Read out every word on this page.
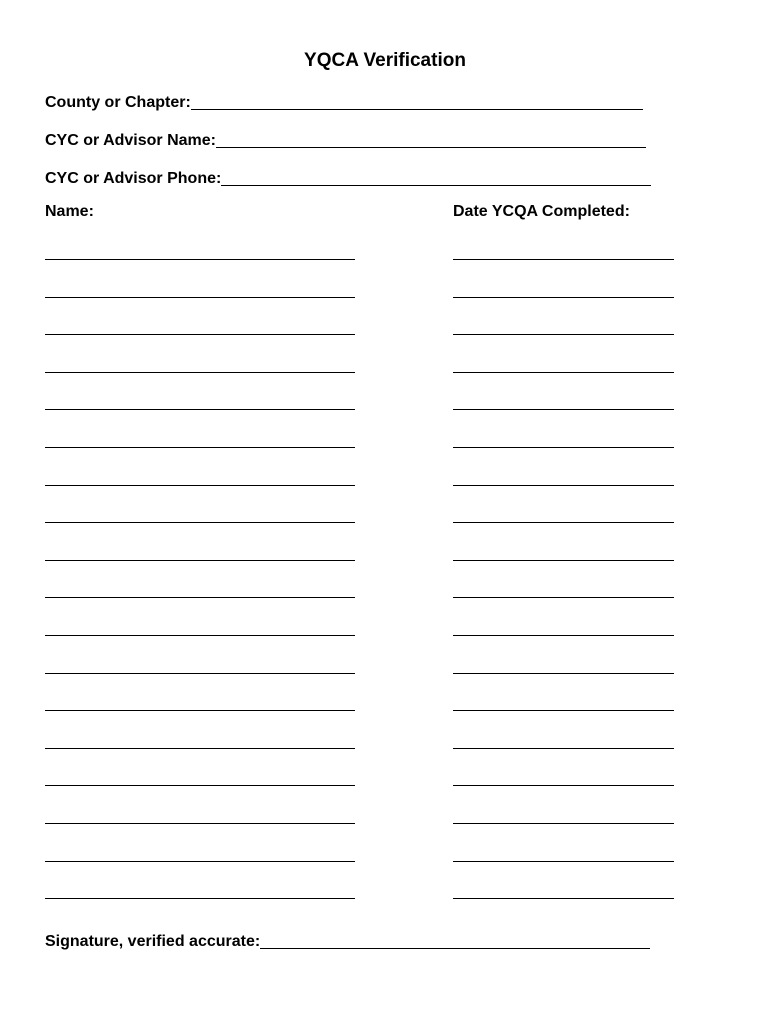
YQCA Verification
County or Chapter:
CYC or Advisor Name:
CYC or Advisor Phone:
Name:	Date YCQA Completed:
Signature, verified accurate:
